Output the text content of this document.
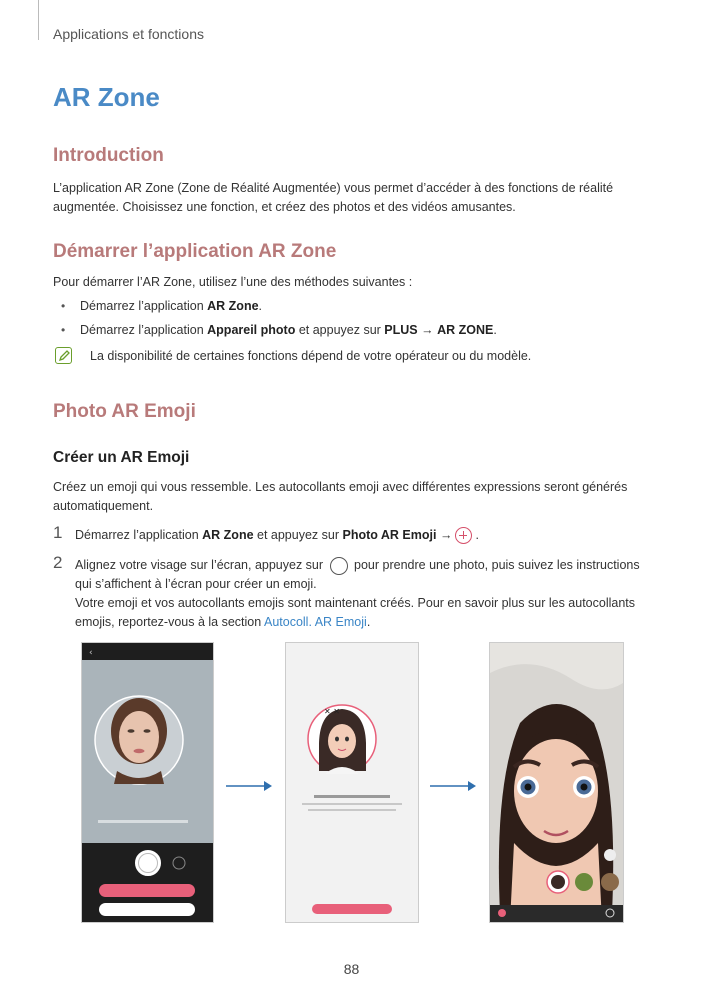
Applications et fonctions
AR Zone
Introduction

L’application AR Zone (Zone de Réalité Augmentée) vous permet d’accéder à des fonctions de réalité augmentée. Choisissez une fonction, et créez des photos et des vidéos amusantes.

Démarrer l’application AR Zone

Pour démarrer l’AR Zone, utilisez l’une des méthodes suivantes :

• Démarrez l’application AR Zone.
• Démarrez l’application Appareil photo et appuyez sur PLUS → AR ZONE.
La disponibilité de certaines fonctions dépend de votre opérateur ou du modèle.
Photo AR Emoji
Créer un AR Emoji

Créez un emoji qui vous ressemble. Les autocollants emoji avec différentes expressions seront générés automatiquement.

1 Démarrez l’application AR Zone et appuyez sur Photo AR Emoji → .
2 Alignez votre visage sur l’écran, appuyez sur pour prendre une photo, puis suivez les instructions qui s’affichent à l’écran pour créer un emoji.
Votre emoji et vos autocollants emojis sont maintenant créés. Pour en savoir plus sur les autocollants emojis, reportez-vous à la section Autocoll. AR Emoji.
‹
✕ ✕
88
